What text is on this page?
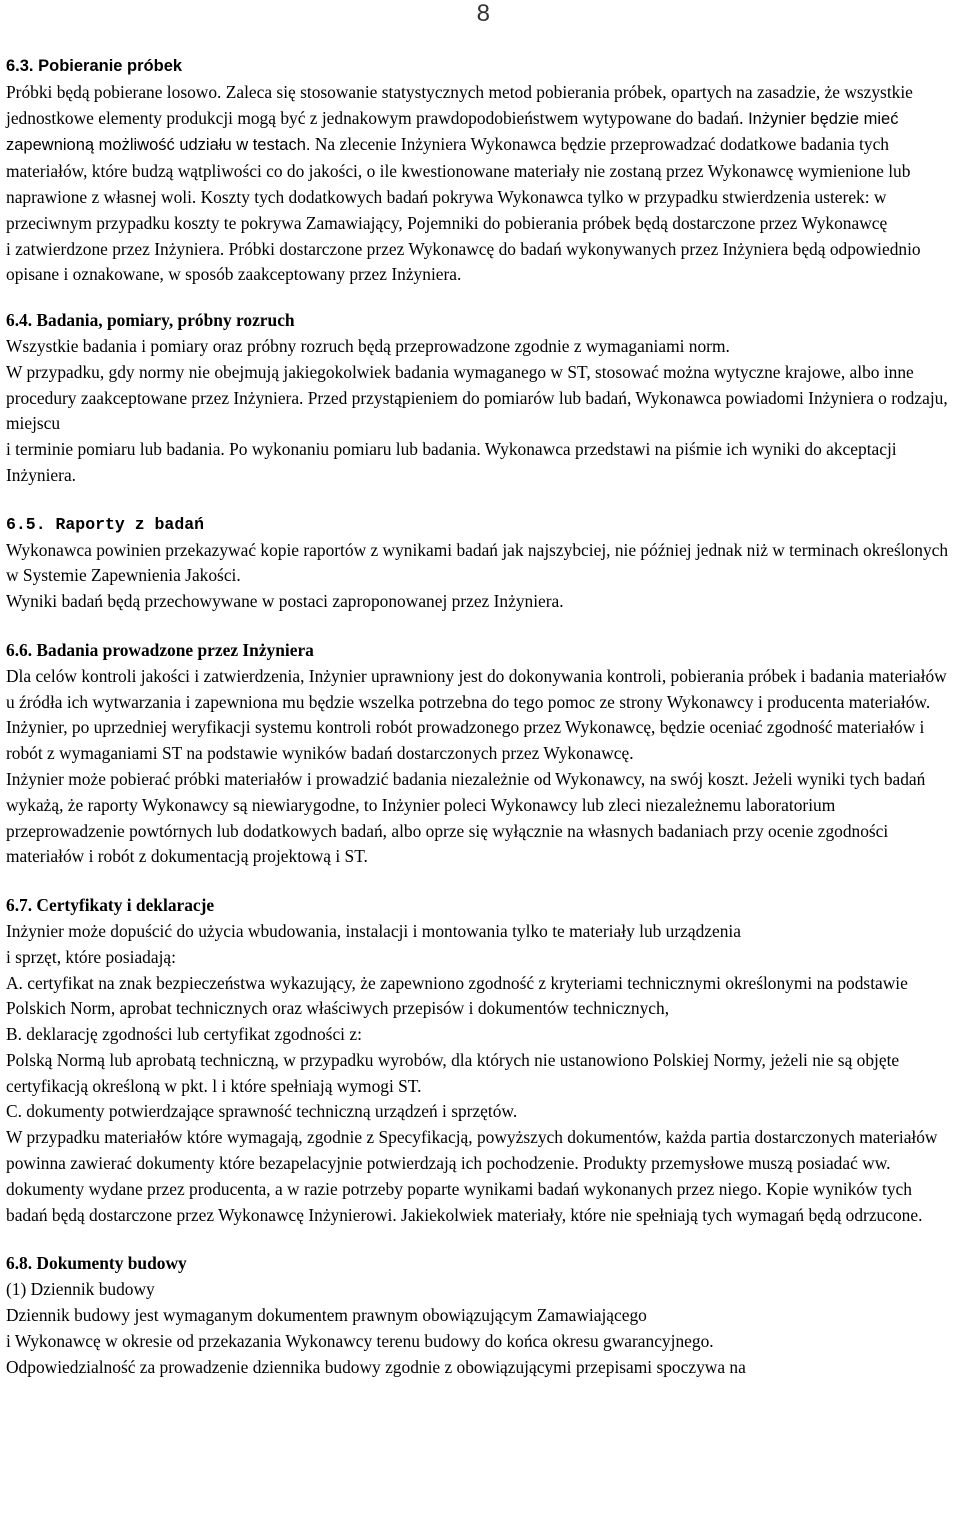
8
6.3. Pobieranie próbek

Próbki będą pobierane losowo. Zaleca się stosowanie statystycznych metod pobierania próbek, opartych na zasadzie, że wszystkie jednostkowe elementy produkcji mogą być z jednakowym prawdopodobieństwem wytypowane do badań. Inżynier będzie mieć zapewnioną możliwość udziału w testach. Na zlecenie Inżyniera Wykonawca będzie przeprowadzać dodatkowe badania tych materiałów, które budzą wątpliwości co do jakości, o ile kwestionowane materiały nie zostaną przez Wykonawcę wymienione lub naprawione z własnej woli. Koszty tych dodatkowych badań pokrywa Wykonawca tylko w przypadku stwierdzenia usterek: w przeciwnym przypadku koszty te pokrywa Zamawiający, Pojemniki do pobierania próbek będą dostarczone przez Wykonawcę

i zatwierdzone przez Inżyniera. Próbki dostarczone przez Wykonawcę do badań wykonywanych przez Inżyniera będą odpowiednio opisane i oznakowane, w sposób zaakceptowany przez Inżyniera.

6.4. Badania, pomiary, próbny rozruch

Wszystkie badania i pomiary oraz próbny rozruch będą przeprowadzone zgodnie z wymaganiami norm.

W przypadku, gdy normy nie obejmują jakiegokolwiek badania wymaganego w ST, stosować można wytyczne krajowe, albo inne procedury zaakceptowane przez Inżyniera. Przed przystąpieniem do pomiarów lub badań, Wykonawca powiadomi Inżyniera o rodzaju, miejscu

i terminie pomiaru lub badania. Po wykonaniu pomiaru lub badania. Wykonawca przedstawi na piśmie ich wyniki do akceptacji Inżyniera.

6.5. Raporty z badań

Wykonawca powinien przekazywać kopie raportów z wynikami badań jak najszybciej, nie później jednak niż w terminach określonych w Systemie Zapewnienia Jakości.

Wyniki badań będą przechowywane w postaci zaproponowanej przez Inżyniera.

6.6. Badania prowadzone przez Inżyniera

Dla celów kontroli jakości i zatwierdzenia, Inżynier uprawniony jest do dokonywania kontroli, pobierania próbek i badania materiałów u źródła ich wytwarzania i zapewniona mu będzie wszelka potrzebna do tego pomoc ze strony Wykonawcy i producenta materiałów. Inżynier, po uprzedniej weryfikacji systemu kontroli robót prowadzonego przez Wykonawcę, będzie oceniać zgodność materiałów i robót z wymaganiami ST na podstawie wyników badań dostarczonych przez Wykonawcę.

Inżynier może pobierać próbki materiałów i prowadzić badania niezależnie od Wykonawcy, na swój koszt. Jeżeli wyniki tych badań wykażą, że raporty Wykonawcy są niewiarygodne, to Inżynier poleci Wykonawcy lub zleci niezależnemu laboratorium przeprowadzenie powtórnych lub dodatkowych badań, albo oprze się wyłącznie na własnych badaniach przy ocenie zgodności materiałów i robót z dokumentacją projektową i ST.

6.7. Certyfikaty i deklaracje

Inżynier może dopuścić do użycia wbudowania, instalacji i montowania tylko te materiały lub urządzenia

i sprzęt, które posiadają:

A. certyfikat na znak bezpieczeństwa wykazujący, że zapewniono zgodność z kryteriami technicznymi określonymi na podstawie Polskich Norm, aprobat technicznych oraz właściwych przepisów i dokumentów technicznych,

B. deklarację zgodności lub certyfikat zgodności z:

Polską Normą lub aprobatą techniczną, w przypadku wyrobów, dla których nie ustanowiono Polskiej Normy, jeżeli nie są objęte certyfikacją określoną w pkt. l i które spełniają wymogi ST.

C. dokumenty potwierdzające sprawność techniczną urządzeń i sprzętów.

W przypadku materiałów które wymagają, zgodnie z Specyfikacją, powyższych dokumentów, każda partia dostarczonych materiałów powinna zawierać dokumenty które bezapelacyjnie potwierdzają ich pochodzenie. Produkty przemysłowe muszą posiadać ww. dokumenty wydane przez producenta, a w razie potrzeby poparte wynikami badań wykonanych przez niego. Kopie wyników tych badań będą dostarczone przez Wykonawcę Inżynierowi. Jakiekolwiek materiały, które nie spełniają tych wymagań będą odrzucone.

6.8. Dokumenty budowy

(1) Dziennik budowy

Dziennik budowy jest wymaganym dokumentem prawnym obowiązującym Zamawiającego

i Wykonawcę w okresie od przekazania Wykonawcy terenu budowy do końca okresu gwarancyjnego.

Odpowiedzialność za prowadzenie dziennika budowy zgodnie z obowiązującymi przepisami spoczywa na
